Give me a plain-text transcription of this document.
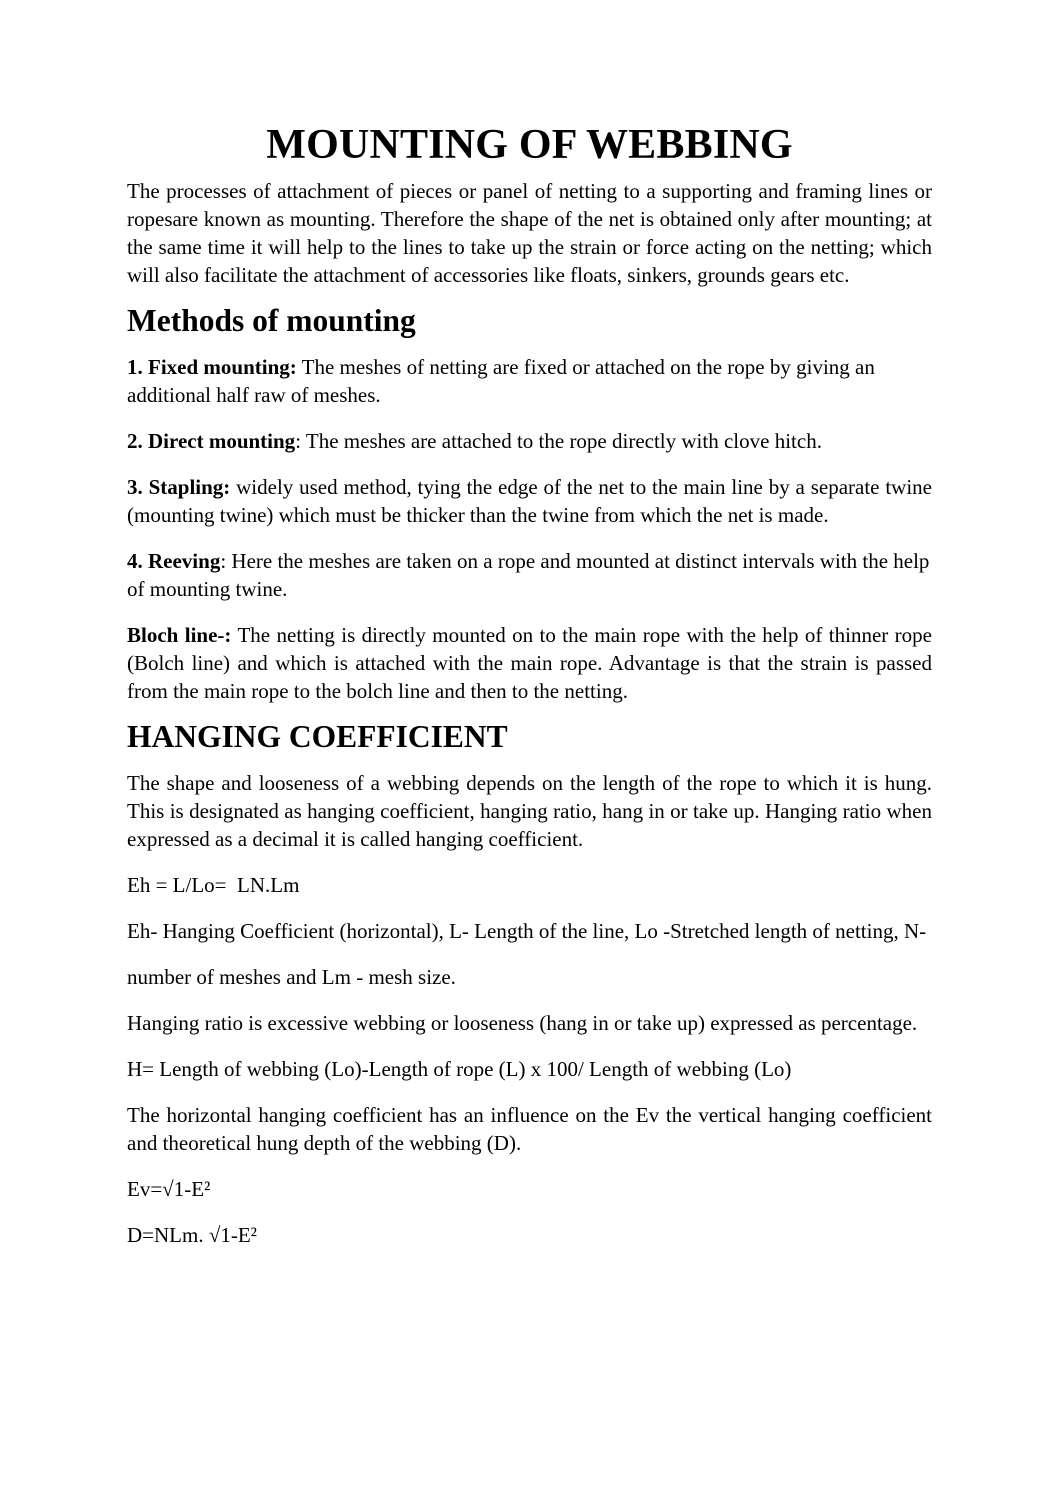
MOUNTING OF WEBBING

The processes of attachment of pieces or panel of netting to a supporting and framing lines or ropesare known as mounting. Therefore the shape of the net is obtained only after mounting; at the same time it will help to the lines to take up the strain or force acting on the netting; which will also facilitate the attachment of accessories like floats, sinkers, grounds gears etc.

Methods of mounting

1. Fixed mounting: The meshes of netting are fixed or attached on the rope by giving an additional half raw of meshes.

2. Direct mounting: The meshes are attached to the rope directly with clove hitch.

3. Stapling: widely used method, tying the edge of the net to the main line by a separate twine (mounting twine) which must be thicker than the twine from which the net is made.

4. Reeving: Here the meshes are taken on a rope and mounted at distinct intervals with the help of mounting twine.

Bloch line-: The netting is directly mounted on to the main rope with the help of thinner rope (Bolch line) and which is attached with the main rope. Advantage is that the strain is passed from the main rope to the bolch line and then to the netting.

HANGING COEFFICIENT

The shape and looseness of a webbing depends on the length of the rope to which it is hung. This is designated as hanging coefficient, hanging ratio, hang in or take up. Hanging ratio when expressed as a decimal it is called hanging coefficient.

Eh = L/Lo=  LN.Lm

Eh- Hanging Coefficient (horizontal), L- Length of the line, Lo -Stretched length of netting, N-

number of meshes and Lm - mesh size.

Hanging ratio is excessive webbing or looseness (hang in or take up) expressed as percentage.

H= Length of webbing (Lo)-Length of rope (L) x 100/ Length of webbing (Lo)

The horizontal hanging coefficient has an influence on the Ev the vertical hanging coefficient and theoretical hung depth of the webbing (D).

Ev=√1-E²

D=NLm. √1-E²
